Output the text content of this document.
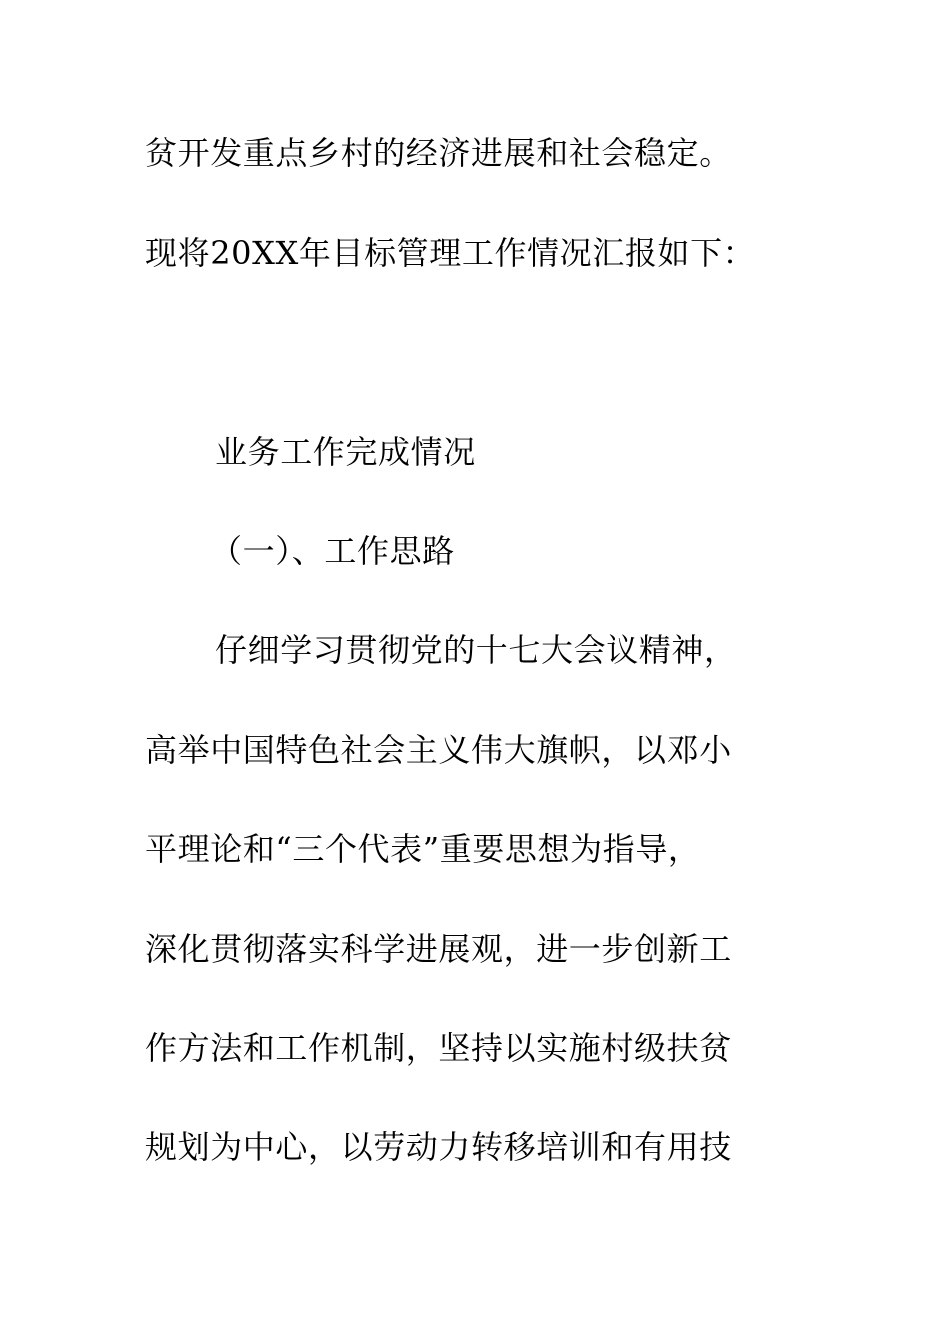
贫开发重点乡村的经济进展和社会稳定。
现将20XX年目标管理工作情况汇报如下：
业务工作完成情况
（一）、工作思路
仔细学习贯彻党的十七大会议精神，
高举中国特色社会主义伟大旗帜，以邓小
平理论和“三个代表”重要思想为指导，
深化贯彻落实科学进展观，进一步创新工
作方法和工作机制，坚持以实施村级扶贫
规划为中心，以劳动力转移培训和有用技
